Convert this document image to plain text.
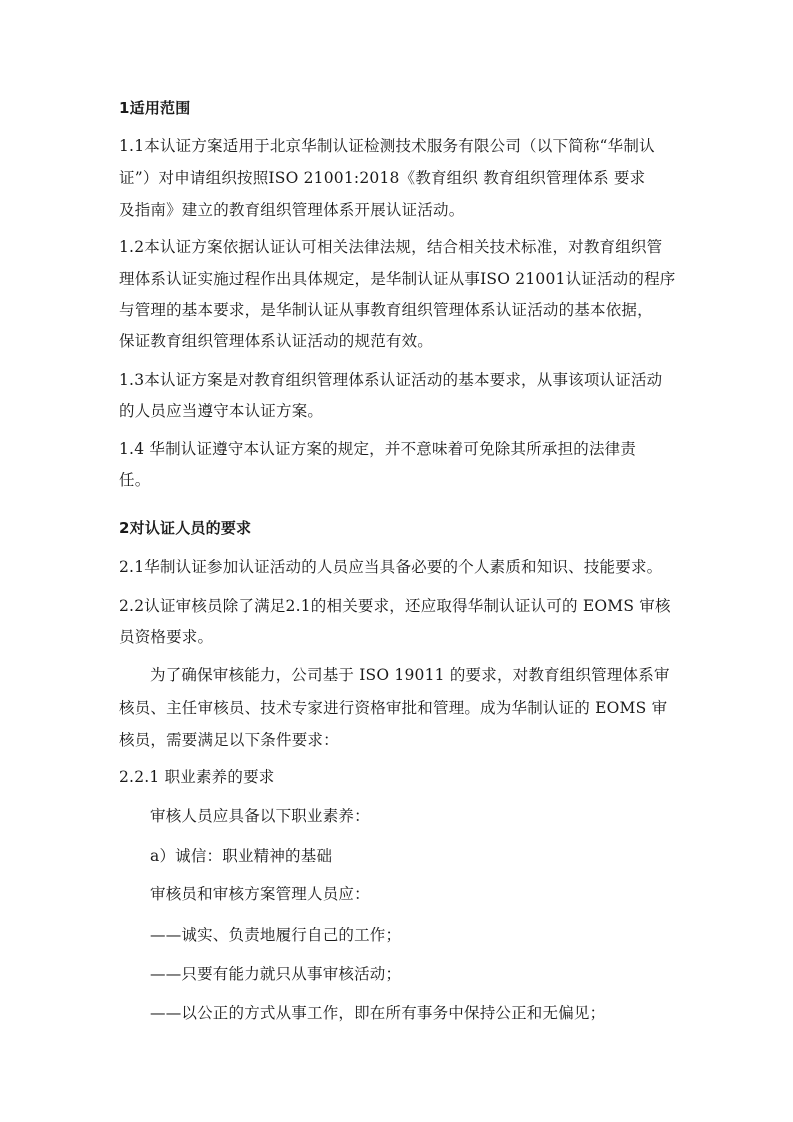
1适用范围
1.1本认证方案适用于北京华制认证检测技术服务有限公司（以下简称“华制认
证”）对申请组织按照ISO 21001:2018《教育组织 教育组织管理体系 要求
及指南》建立的教育组织管理体系开展认证活动。
1.2本认证方案依据认证认可相关法律法规，结合相关技术标准，对教育组织管
理体系认证实施过程作出具体规定，是华制认证从事ISO 21001认证活动的程序
与管理的基本要求，是华制认证从事教育组织管理体系认证活动的基本依据，
保证教育组织管理体系认证活动的规范有效。
1.3本认证方案是对教育组织管理体系认证活动的基本要求，从事该项认证活动
的人员应当遵守本认证方案。
1.4 华制认证遵守本认证方案的规定，并不意味着可免除其所承担的法律责
任。
2对认证人员的要求
2.1华制认证参加认证活动的人员应当具备必要的个人素质和知识、技能要求。
2.2认证审核员除了满足2.1的相关要求，还应取得华制认证认可的 EOMS 审核
员资格要求。
为了确保审核能力，公司基于 ISO 19011 的要求，对教育组织管理体系审
核员、主任审核员、技术专家进行资格审批和管理。成为华制认证的 EOMS 审
核员，需要满足以下条件要求：
2.2.1 职业素养的要求
审核人员应具备以下职业素养：
a）诚信：职业精神的基础
审核员和审核方案管理人员应：
——诚实、负责地履行自己的工作；
——只要有能力就只从事审核活动；
——以公正的方式从事工作，即在所有事务中保持公正和无偏见；
